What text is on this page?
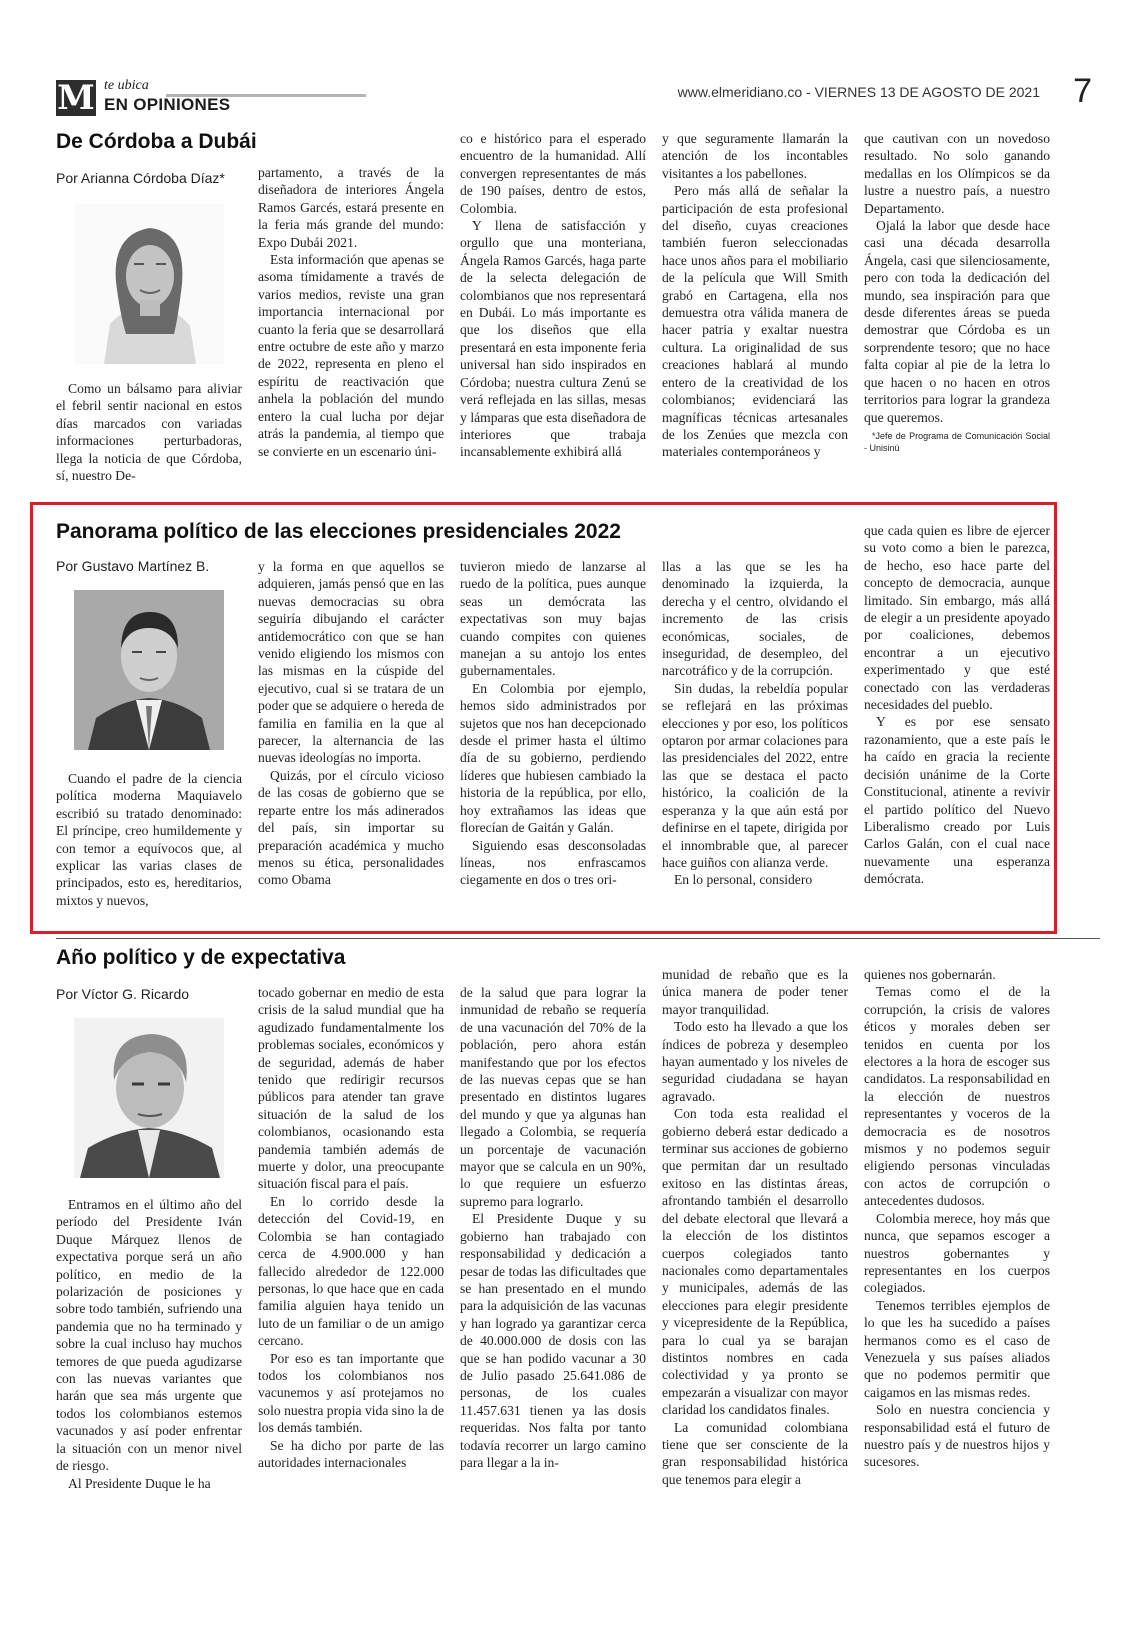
M te ubica
EN OPINIONES
www.elmeridiano.co - VIERNES 13 DE AGOSTO DE 2021 7
De Córdoba a Dubái
Por Arianna Córdoba Díaz*

Como un bálsamo para aliviar el febril sentir nacional en estos días marcados con variadas informaciones perturbadoras, llega la noticia de que Córdoba, sí, nuestro De-

partamento, a través de la diseñadora de interiores Ángela Ramos Garcés, estará presente en la feria más grande del mundo: Expo Dubái 2021.

Esta información que apenas se asoma tímidamente a través de varios medios, reviste una gran importancia internacional por cuanto la feria que se desarrollará entre octubre de este año y marzo de 2022, representa en pleno el espíritu de reactivación que anhela la población del mundo entero la cual lucha por dejar atrás la pandemia, al tiempo que se convierte en un escenario úni-

co e histórico para el esperado encuentro de la humanidad. Allí convergen representantes de más de 190 países, dentro de estos, Colombia.

Y llena de satisfacción y orgullo que una monteriana, Ángela Ramos Garcés, haga parte de la selecta delegación de colombianos que nos representará en Dubái. Lo más importante es que los diseños que ella presentará en esta imponente feria universal han sido inspirados en Córdoba; nuestra cultura Zenú se verá reflejada en las sillas, mesas y lámparas que esta diseñadora de interiores que trabaja incansablemente exhibirá allá

y que seguramente llamarán la atención de los incontables visitantes a los pabellones.

Pero más allá de señalar la participación de esta profesional del diseño, cuyas creaciones también fueron seleccionadas hace unos años para el mobiliario de la película que Will Smith grabó en Cartagena, ella nos demuestra otra válida manera de hacer patria y exaltar nuestra cultura. La originalidad de sus creaciones hablará al mundo entero de la creatividad de los colombianos; evidenciará las magníficas técnicas artesanales de los Zenúes que mezcla con materiales contemporáneos y

que cautivan con un novedoso resultado. No solo ganando medallas en los Olímpicos se da lustre a nuestro país, a nuestro Departamento.

Ojalá la labor que desde hace casi una década desarrolla Ángela, casi que silenciosamente, pero con toda la dedicación del mundo, sea inspiración para que desde diferentes áreas se pueda demostrar que Córdoba es un sorprendente tesoro; que no hace falta copiar al pie de la letra lo que hacen o no hacen en otros territorios para lograr la grandeza que queremos.

*Jefe de Programa de Comunicación Social - Unisinú

Panorama político de las elecciones presidenciales 2022
Por Gustavo Martínez B.

Cuando el padre de la ciencia política moderna Maquiavelo escribió su tratado denominado: El príncipe, creo humildemente y con temor a equívocos que, al explicar las varias clases de principados, esto es, hereditarios, mixtos y nuevos,

y la forma en que aquellos se adquieren, jamás pensó que en las nuevas democracias su obra seguiría dibujando el carácter antidemocrático con que se han venido eligiendo los mismos con las mismas en la cúspide del ejecutivo, cual si se tratara de un poder que se adquiere o hereda de familia en familia en la que al parecer, la alternancia de las nuevas ideologías no importa.

Quizás, por el círculo vicioso de las cosas de gobierno que se reparte entre los más adinerados del país, sin importar su preparación académica y mucho menos su ética, personalidades como Obama

tuvieron miedo de lanzarse al ruedo de la política, pues aunque seas un demócrata las expectativas son muy bajas cuando compites con quienes manejan a su antojo los entes gubernamentales.

En Colombia por ejemplo, hemos sido administrados por sujetos que nos han decepcionado desde el primer hasta el último día de su gobierno, perdiendo líderes que hubiesen cambiado la historia de la república, por ello, hoy extrañamos las ideas que florecían de Gaitán y Galán.

Siguiendo esas desconsoladas líneas, nos enfrascamos ciegamente en dos o tres ori-

llas a las que se les ha denominado la izquierda, la derecha y el centro, olvidando el incremento de las crisis económicas, sociales, de inseguridad, de desempleo, del narcotráfico y de la corrupción.

Sin dudas, la rebeldía popular se reflejará en las próximas elecciones y por eso, los políticos optaron por armar colaciones para las presidenciales del 2022, entre las que se destaca el pacto histórico, la coalición de la esperanza y la que aún está por definirse en el tapete, dirigida por el innombrable que, al parecer hace guiños con alianza verde.

En lo personal, considero

que cada quien es libre de ejercer su voto como a bien le parezca, de hecho, eso hace parte del concepto de democracia, aunque limitado. Sin embargo, más allá de elegir a un presidente apoyado por coaliciones, debemos encontrar a un ejecutivo experimentado y que esté conectado con las verdaderas necesidades del pueblo.

Y es por ese sensato razonamiento, que a este país le ha caído en gracia la reciente decisión unánime de la Corte Constitucional, atinente a revivir el partido político del Nuevo Liberalismo creado por Luis Carlos Galán, con el cual nace nuevamente una esperanza demócrata.

Año político y de expectativa
Por Víctor G. Ricardo

Entramos en el último año del período del Presidente Iván Duque Márquez llenos de expectativa porque será un año político, en medio de la polarización de posiciones y sobre todo también, sufriendo una pandemia que no ha terminado y sobre la cual incluso hay muchos temores de que pueda agudizarse con las nuevas variantes que harán que sea más urgente que todos los colombianos estemos vacunados y así poder enfrentar la situación con un menor nivel de riesgo.

Al Presidente Duque le ha

tocado gobernar en medio de esta crisis de la salud mundial que ha agudizado fundamentalmente los problemas sociales, económicos y de seguridad, además de haber tenido que redirigir recursos públicos para atender tan grave situación de la salud de los colombianos, ocasionando esta pandemia también además de muerte y dolor, una preocupante situación fiscal para el país.

En lo corrido desde la detección del Covid-19, en Colombia se han contagiado cerca de 4.900.000 y han fallecido alrededor de 122.000 personas, lo que hace que en cada familia alguien haya tenido un luto de un familiar o de un amigo cercano.

Por eso es tan importante que todos los colombianos nos vacunemos y así protejamos no solo nuestra propia vida sino la de los demás también.

Se ha dicho por parte de las autoridades internacionales

de la salud que para lograr la inmunidad de rebaño se requería de una vacunación del 70% de la población, pero ahora están manifestando que por los efectos de las nuevas cepas que se han presentado en distintos lugares del mundo y que ya algunas han llegado a Colombia, se requería un porcentaje de vacunación mayor que se calcula en un 90%, lo que requiere un esfuerzo supremo para lograrlo.

El Presidente Duque y su gobierno han trabajado con responsabilidad y dedicación a pesar de todas las dificultades que se han presentado en el mundo para la adquisición de las vacunas y han logrado ya garantizar cerca de 40.000.000 de dosis con las que se han podido vacunar a 30 de Julio pasado 25.641.086 de personas, de los cuales 11.457.631 tienen ya las dosis requeridas. Nos falta por tanto todavía recorrer un largo camino para llegar a la in-

munidad de rebaño que es la única manera de poder tener mayor tranquilidad.

Todo esto ha llevado a que los índices de pobreza y desempleo hayan aumentado y los niveles de seguridad ciudadana se hayan agravado.

Con toda esta realidad el gobierno deberá estar dedicado a terminar sus acciones de gobierno que permitan dar un resultado exitoso en las distintas áreas, afrontando también el desarrollo del debate electoral que llevará a la elección de los distintos cuerpos colegiados tanto nacionales como departamentales y municipales, además de las elecciones para elegir presidente y vicepresidente de la República, para lo cual ya se barajan distintos nombres en cada colectividad y ya pronto se empezarán a visualizar con mayor claridad los candidatos finales.

La comunidad colombiana tiene que ser consciente de la gran responsabilidad histórica que tenemos para elegir a

quienes nos gobernarán.

Temas como el de la corrupción, la crisis de valores éticos y morales deben ser tenidos en cuenta por los electores a la hora de escoger sus candidatos. La responsabilidad en la elección de nuestros representantes y voceros de la democracia es de nosotros mismos y no podemos seguir eligiendo personas vinculadas con actos de corrupción o antecedentes dudosos.

Colombia merece, hoy más que nunca, que sepamos escoger a nuestros gobernantes y representantes en los cuerpos colegiados.

Tenemos terribles ejemplos de lo que les ha sucedido a países hermanos como es el caso de Venezuela y sus países aliados que no podemos permitir que caigamos en las mismas redes.

Solo en nuestra conciencia y responsabilidad está el futuro de nuestro país y de nuestros hijos y sucesores.
